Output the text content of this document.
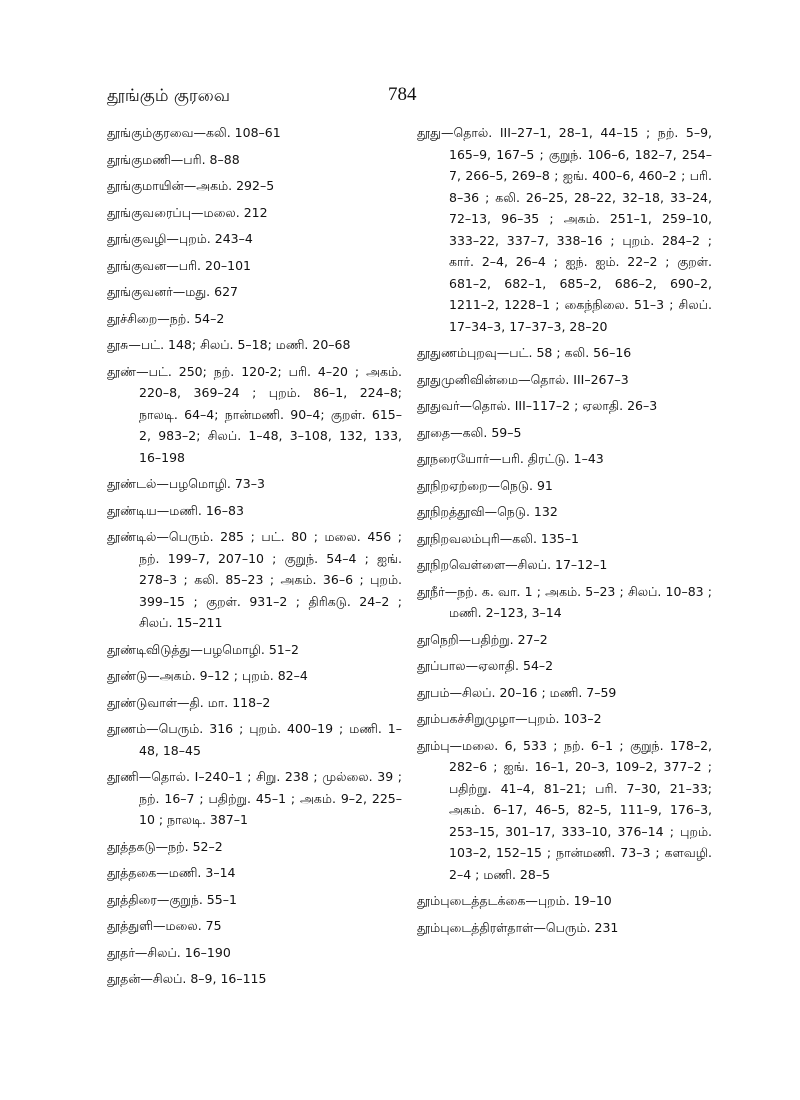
தூங்கும் குரவை	784
தூங்கும்குரவை—கலி. 108–61
தூங்குமணி—பரி. 8–88
தூங்குமாயின்—அகம். 292–5
தூங்குவரைப்பு—மலை. 212
தூங்குவழி—புறம். 243–4
தூங்குவன—பரி. 20–101
தூங்குவனர்—மது. 627
தூச்சிறை—நற். 54–2
தூசு—பட். 148; சிலப். 5–18; மணி. 20–68
தூண்—பட். 250; நற். 120-2; பரி. 4–20 ; அகம். 220–8, 369–24 ; புறம். 86–1, 224–8; நாலடி. 64–4; நான்மணி. 90–4; குறள். 615–2, 983–2; சிலப். 1–48, 3–108, 132, 133, 16–198
தூண்டல்—பழமொழி. 73–3
தூண்டிய—மணி. 16–83
தூண்டில்—பெரும். 285 ; பட். 80 ; மலை. 456 ; நற். 199–7, 207–10 ; குறுந். 54–4 ; ஐங். 278–3 ; கலி. 85–23 ; அகம். 36–6 ; புறம். 399–15 ; குறள். 931–2 ; திரிகடு. 24–2 ; சிலப். 15–211
தூண்டிவிடுத்து—பழமொழி. 51–2
தூண்டு—அகம். 9–12 ; புறம். 82–4
தூண்டுவாள்—தி. மா. 118–2
தூணம்—பெரும். 316 ; புறம். 400–19 ; மணி. 1–48, 18–45
தூணி—தொல். I–240–1 ; சிறு. 238 ; முல்லை. 39 ; நற். 16–7 ; பதிற்று. 45–1 ; அகம். 9–2, 225–10 ; நாலடி. 387–1
தூத்தகடு—நற். 52–2
தூத்தகை—மணி. 3–14
தூத்திரை—குறுந். 55–1
தூத்துளி—மலை. 75
தூதர்—சிலப். 16–190
தூதன்—சிலப். 8–9, 16–115
தூது—தொல். III–27–1, 28–1, 44–15 ; நற். 5–9, 165–9, 167–5 ; குறுந். 106–6, 182–7, 254–7, 266–5, 269–8 ; ஐங். 400–6, 460–2 ; பரி. 8–36 ; கலி. 26–25, 28–22, 32–18, 33–24, 72–13, 96–35 ; அகம். 251–1, 259–10, 333–22, 337–7, 338–16 ; புறம். 284–2 ; கார். 2–4, 26–4 ; ஐந். ஐம். 22–2 ; குறள். 681–2, 682–1, 685–2, 686–2, 690–2, 1211–2, 1228–1 ; கைந்நிலை. 51–3 ; சிலப். 17–34–3, 17–37–3, 28–20
தூதுணம்புறவு—பட். 58 ; கலி. 56–16
தூதுமுனிவின்மை—தொல். III–267–3
தூதுவர்—தொல். III–117–2 ; ஏலாதி. 26–3
தூதை—கலி. 59–5
தூநரையோர்—பரி. திரட்டு. 1–43
தூநிறஏற்றை—நெடு. 91
தூநிறத்தூவி—நெடு. 132
தூநிறவலம்புரி—கலி. 135–1
தூநிறவெள்ளை—சிலப். 17–12–1
தூநீர்—நற். க. வா. 1 ; அகம். 5–23 ; சிலப். 10–83 ; மணி. 2–123, 3–14
தூநெறி—பதிற்று. 27–2
தூப்பால—ஏலாதி. 54–2
தூபம்—சிலப். 20–16 ; மணி. 7–59
தூம்பகச்சிறுமுழா—புறம். 103–2
தூம்பு—மலை. 6, 533 ; நற். 6–1 ; குறுந். 178–2, 282–6 ; ஐங். 16–1, 20–3, 109–2, 377–2 ; பதிற்று. 41–4, 81–21; பரி. 7–30, 21–33; அகம். 6–17, 46–5, 82–5, 111–9, 176–3, 253–15, 301–17, 333–10, 376–14 ; புறம். 103–2, 152–15 ; நான்மணி. 73–3 ; களவழி. 2–4 ; மணி. 28–5
தூம்புடைத்தடக்கை—புறம். 19–10
தூம்புடைத்திரள்தாள்—பெரும். 231
